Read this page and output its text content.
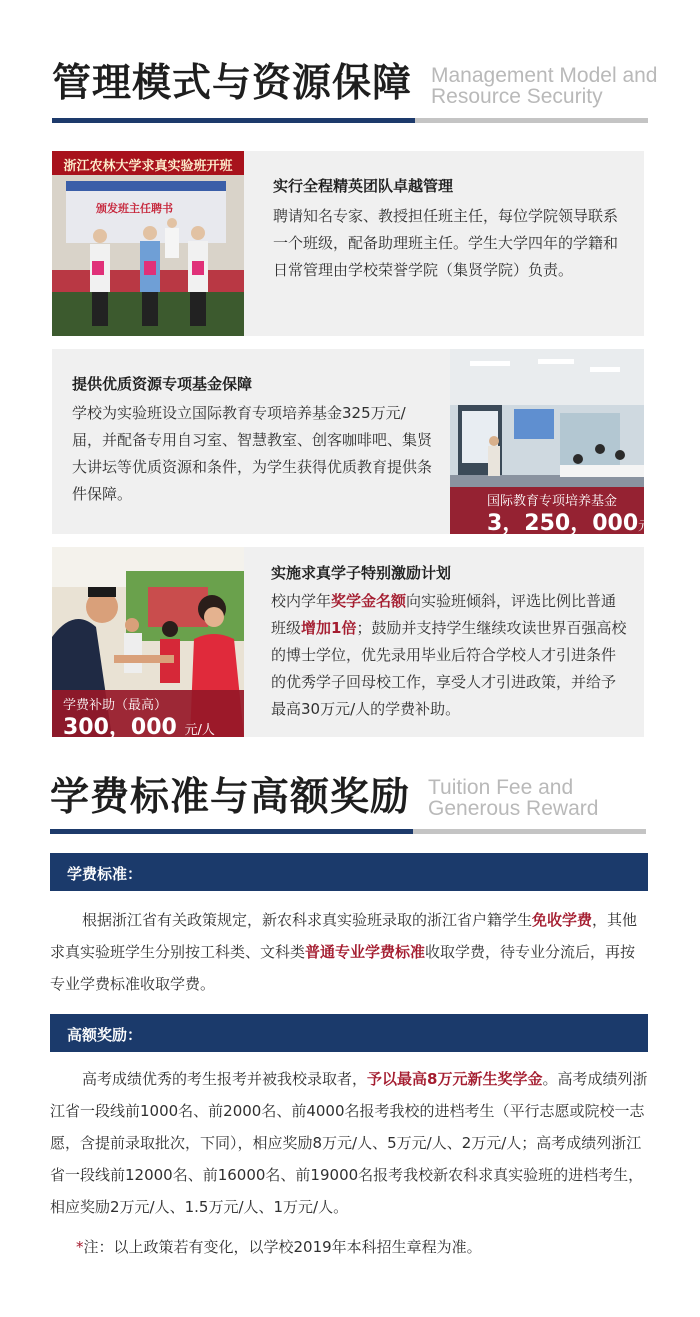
管理模式与资源保障 Management Model and
Resource Security
浙江农林大学求真实验班开班
颁发班主任聘书
实行全程精英团队卓越管理
聘请知名专家、教授担任班主任，每位学院领导联系一个班级，配备助理班主任。学生大学四年的学籍和日常管理由学校荣誉学院（集贤学院）负责。
提供优质资源专项基金保障
学校为实验班设立国际教育专项培养基金325万元/届，并配备专用自习室、智慧教室、创客咖啡吧、集贤大讲坛等优质资源和条件，为学生获得优质教育提供条件保障。	国际教育专项培养基金
3，250，000元/届
学费补助（最高）
300，000 元/人
实施求真学子特别激励计划
校内学年奖学金名额向实验班倾斜，评选比例比普通班级增加1倍；鼓励并支持学生继续攻读世界百强高校的博士学位，优先录用毕业后符合学校人才引进条件的优秀学子回母校工作，享受人才引进政策，并给予最高30万元/人的学费补助。
学费标准与高额奖励 Tuition Fee and
Generous Reward
学费标准：
根据浙江省有关政策规定，新农科求真实验班录取的浙江省户籍学生免收学费，其他求真实验班学生分别按工科类、文科类普通专业学费标准收取学费，待专业分流后，再按专业学费标准收取学费。
高额奖励：
高考成绩优秀的考生报考并被我校录取者，予以最高8万元新生奖学金。高考成绩列浙江省一段线前1000名、前2000名、前4000名报考我校的进档考生（平行志愿或院校一志愿，含提前录取批次，下同），相应奖励8万元/人、5万元/人、2万元/人；高考成绩列浙江省一段线前12000名、前16000名、前19000名报考我校新农科求真实验班的进档考生，相应奖励2万元/人、1.5万元/人、1万元/人。
*注：以上政策若有变化，以学校2019年本科招生章程为准。
